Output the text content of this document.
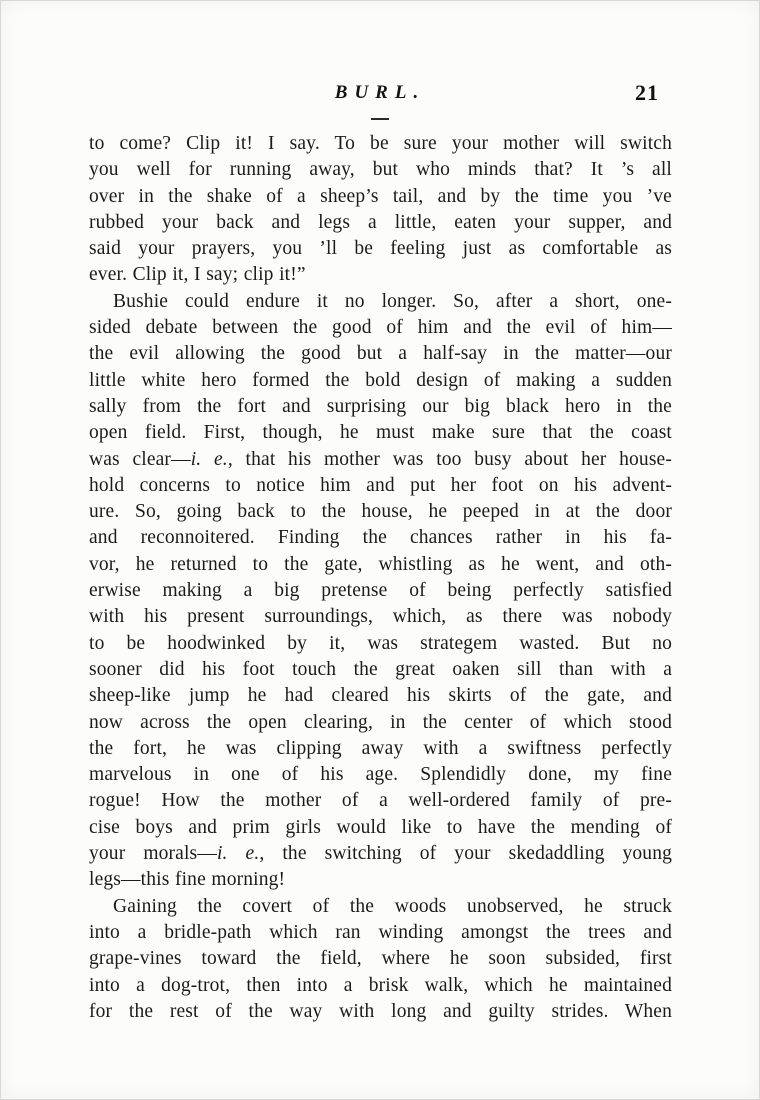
BURL.	21
to come? Clip it! I say. To be sure your mother will switch
you well for running away, but who minds that? It ’s all
over in the shake of a sheep’s tail, and by the time you ’ve
rubbed your back and legs a little, eaten your supper, and
said your prayers, you ’ll be feeling just as comfortable as
ever. Clip it, I say; clip it!”
Bushie could endure it no longer. So, after a short, one-
sided debate between the good of him and the evil of him—
the evil allowing the good but a half-say in the matter—our
little white hero formed the bold design of making a sudden
sally from the fort and surprising our big black hero in the
open field. First, though, he must make sure that the coast
was clear—i. e., that his mother was too busy about her house-
hold concerns to notice him and put her foot on his advent-
ure. So, going back to the house, he peeped in at the door
and reconnoitered. Finding the chances rather in his fa-
vor, he returned to the gate, whistling as he went, and oth-
erwise making a big pretense of being perfectly satisfied
with his present surroundings, which, as there was nobody
to be hoodwinked by it, was strategem wasted. But no
sooner did his foot touch the great oaken sill than with a
sheep-like jump he had cleared his skirts of the gate, and
now across the open clearing, in the center of which stood
the fort, he was clipping away with a swiftness perfectly
marvelous in one of his age. Splendidly done, my fine
rogue! How the mother of a well-ordered family of pre-
cise boys and prim girls would like to have the mending of
your morals—i. e., the switching of your skedaddling young
legs—this fine morning!
Gaining the covert of the woods unobserved, he struck
into a bridle-path which ran winding amongst the trees and
grape-vines toward the field, where he soon subsided, first
into a dog-trot, then into a brisk walk, which he maintained
for the rest of the way with long and guilty strides. When
